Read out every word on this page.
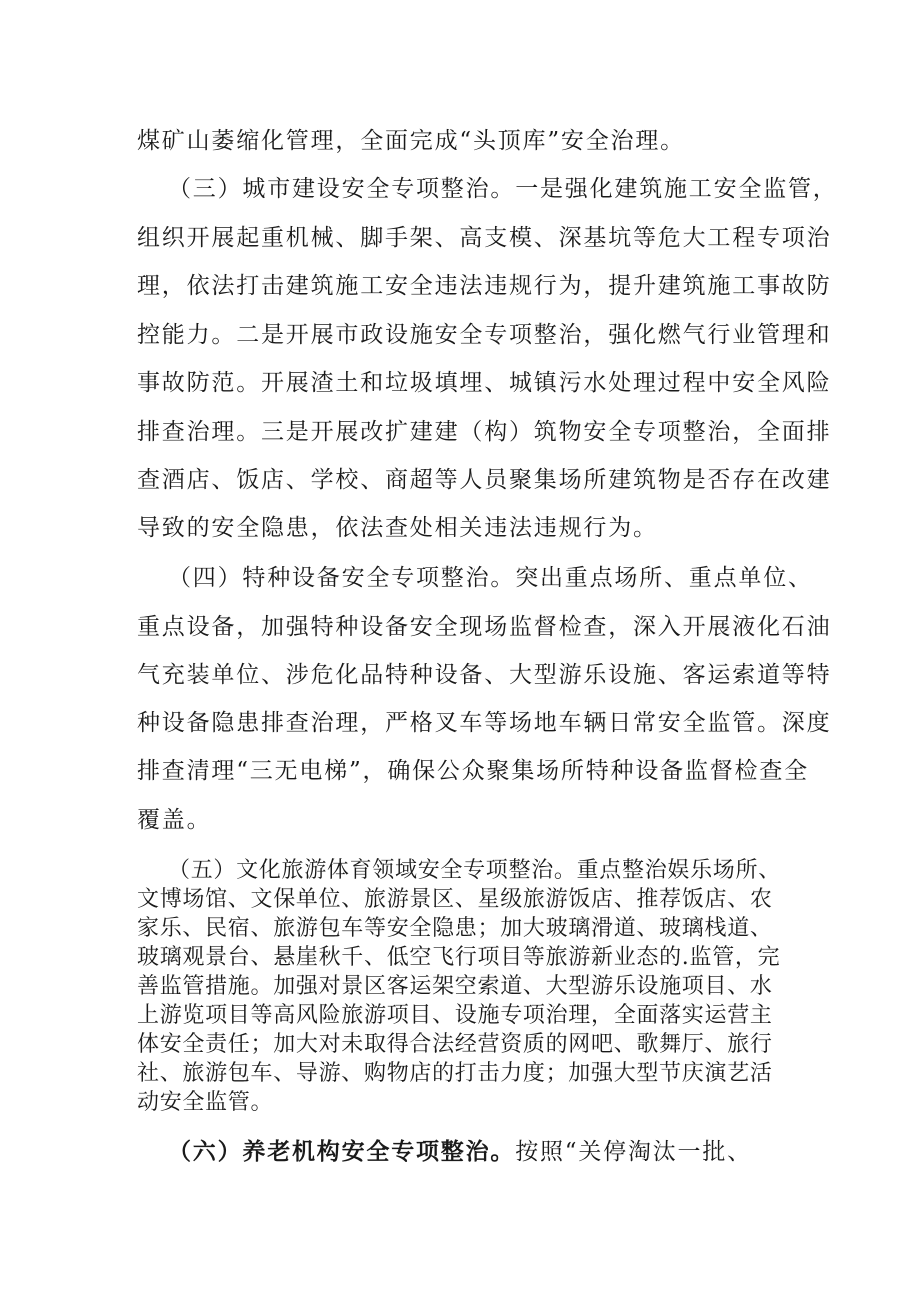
煤矿山萎缩化管理，全面完成“头顶库”安全治理。
（三）城市建设安全专项整治。一是强化建筑施工安全监管，
组织开展起重机械、脚手架、高支模、深基坑等危大工程专项治
理，依法打击建筑施工安全违法违规行为，提升建筑施工事故防
控能力。二是开展市政设施安全专项整治，强化燃气行业管理和
事故防范。开展渣土和垃圾填埋、城镇污水处理过程中安全风险
排查治理。三是开展改扩建建（构）筑物安全专项整治，全面排
查酒店、饭店、学校、商超等人员聚集场所建筑物是否存在改建
导致的安全隐患，依法查处相关违法违规行为。
（四）特种设备安全专项整治。突出重点场所、重点单位、
重点设备，加强特种设备安全现场监督检查，深入开展液化石油
气充装单位、涉危化品特种设备、大型游乐设施、客运索道等特
种设备隐患排查治理，严格叉车等场地车辆日常安全监管。深度
排查清理“三无电梯”，确保公众聚集场所特种设备监督检查全
覆盖。
（五）文化旅游体育领域安全专项整治。重点整治娱乐场所、
文博场馆、文保单位、旅游景区、星级旅游饭店、推荐饭店、农
家乐、民宿、旅游包车等安全隐患；加大玻璃滑道、玻璃栈道、
玻璃观景台、悬崖秋千、低空飞行项目等旅游新业态的.监管，完
善监管措施。加强对景区客运架空索道、大型游乐设施项目、水
上游览项目等高风险旅游项目、设施专项治理，全面落实运营主
体安全责任；加大对未取得合法经营资质的网吧、歌舞厅、旅行
社、旅游包车、导游、购物店的打击力度；加强大型节庆演艺活
动安全监管。
（六）养老机构安全专项整治。按照“关停淘汰一批、
